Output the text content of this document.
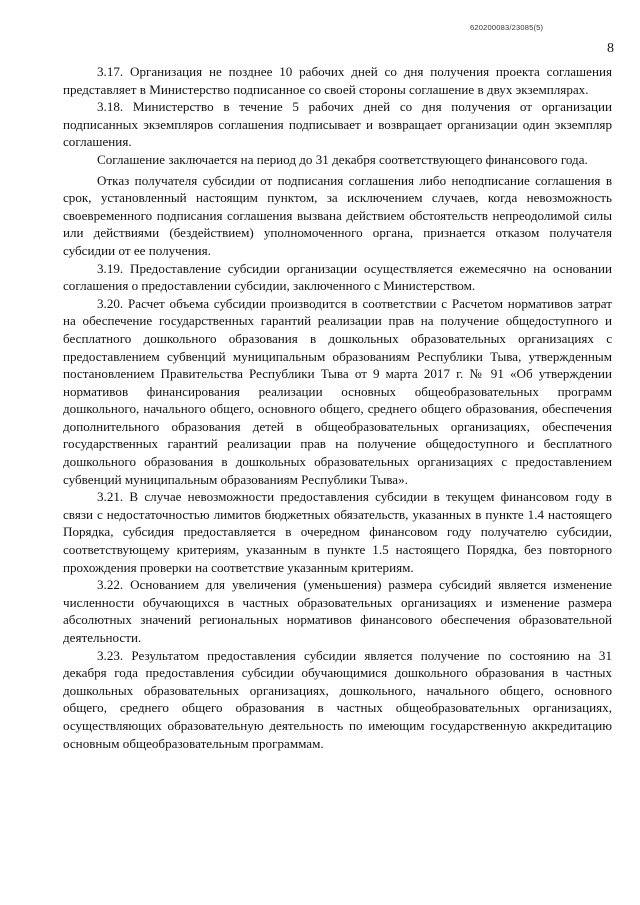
620200083/23085(5)
8

3.17. Организация не позднее 10 рабочих дней со дня получения проекта соглашения представляет в Министерство подписанное со своей стороны соглашение в двух экземплярах.

3.18. Министерство в течение 5 рабочих дней со дня получения от организации подписанных экземпляров соглашения подписывает и возвращает организации один экземпляр соглашения.

Соглашение заключается на период до 31 декабря соответствующего финансового года.

Отказ получателя субсидии от подписания соглашения либо неподписание соглашения в срок, установленный настоящим пунктом, за исключением случаев, когда невозможность своевременного подписания соглашения вызвана действием обстоятельств непреодолимой силы или действиями (бездействием) уполномоченного органа, признается отказом получателя субсидии от ее получения.

3.19. Предоставление субсидии организации осуществляется ежемесячно на основании соглашения о предоставлении субсидии, заключенного с Министерством.

3.20. Расчет объема субсидии производится в соответствии с Расчетом нормативов затрат на обеспечение государственных гарантий реализации прав на получение общедоступного и бесплатного дошкольного образования в дошкольных образовательных организациях с предоставлением субвенций муниципальным образованиям Республики Тыва, утвержденным постановлением Правительства Республики Тыва от 9 марта 2017 г. № 91 «Об утверждении нормативов финансирования реализации основных общеобразовательных программ дошкольного, начального общего, основного общего, среднего общего образования, обеспечения дополнительного образования детей в общеобразовательных организациях, обеспечения государственных гарантий реализации прав на получение общедоступного и бесплатного дошкольного образования в дошкольных образовательных организациях с предоставлением субвенций муниципальным образованиям Республики Тыва».

3.21. В случае невозможности предоставления субсидии в текущем финансовом году в связи с недостаточностью лимитов бюджетных обязательств, указанных в пункте 1.4 настоящего Порядка, субсидия предоставляется в очередном финансовом году получателю субсидии, соответствующему критериям, указанным в пункте 1.5 настоящего Порядка, без повторного прохождения проверки на соответствие указанным критериям.

3.22. Основанием для увеличения (уменьшения) размера субсидий является изменение численности обучающихся в частных образовательных организациях и изменение размера абсолютных значений региональных нормативов финансового обеспечения образовательной деятельности.

3.23. Результатом предоставления субсидии является получение по состоянию на 31 декабря года предоставления субсидии обучающимися дошкольного образования в частных дошкольных образовательных организациях, дошкольного, начального общего, основного общего, среднего общего образования в частных общеобразовательных организациях, осуществляющих образовательную деятельность по имеющим государственную аккредитацию основным общеобразовательным программам.
